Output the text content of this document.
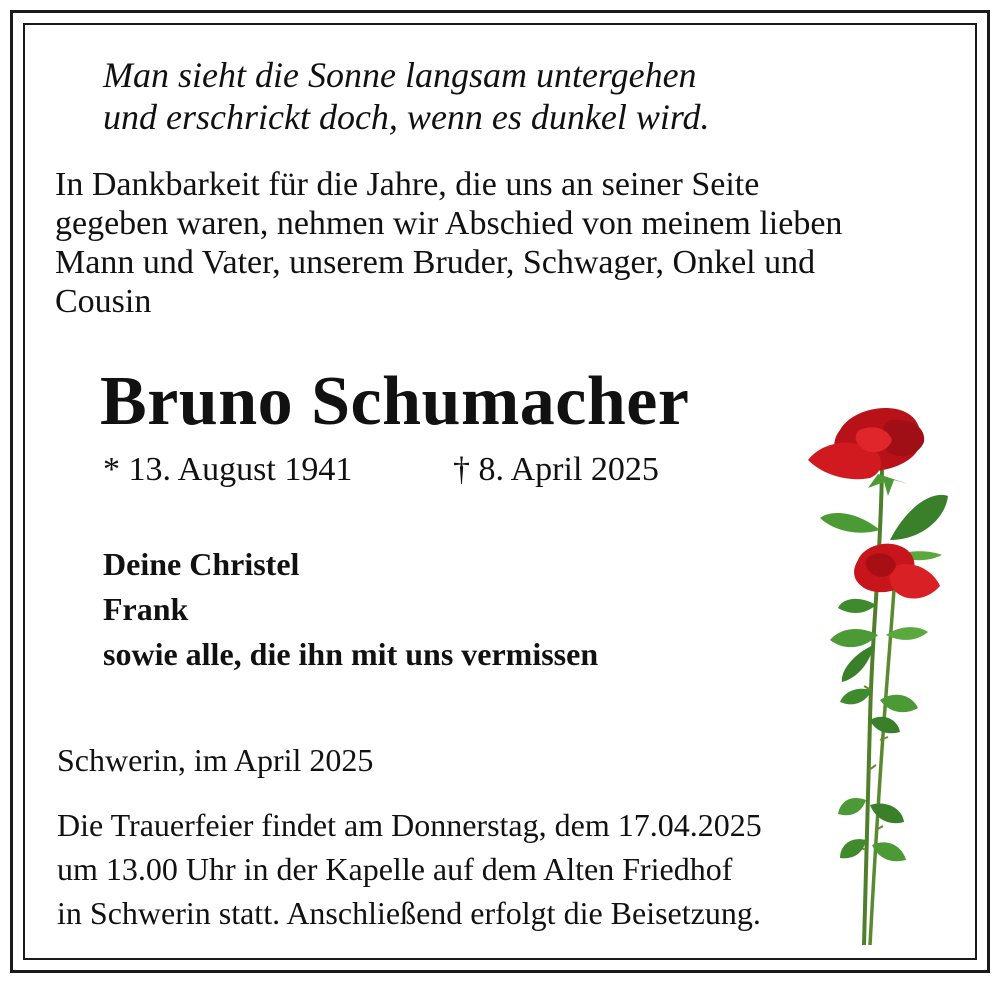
Man sieht die Sonne langsam untergehen
und erschrickt doch, wenn es dunkel wird.
In Dankbarkeit für die Jahre, die uns an seiner Seite
gegeben waren, nehmen wir Abschied von meinem lieben
Mann und Vater, unserem Bruder, Schwager, Onkel und
Cousin
Bruno Schumacher
* 13. August 1941	† 8. April 2025
Deine Christel
Frank
sowie alle, die ihn mit uns vermissen
Schwerin, im April 2025
Die Trauerfeier findet am Donnerstag, dem 17.04.2025
um 13.00 Uhr in der Kapelle auf dem Alten Friedhof
in Schwerin statt. Anschließend erfolgt die Beisetzung.
